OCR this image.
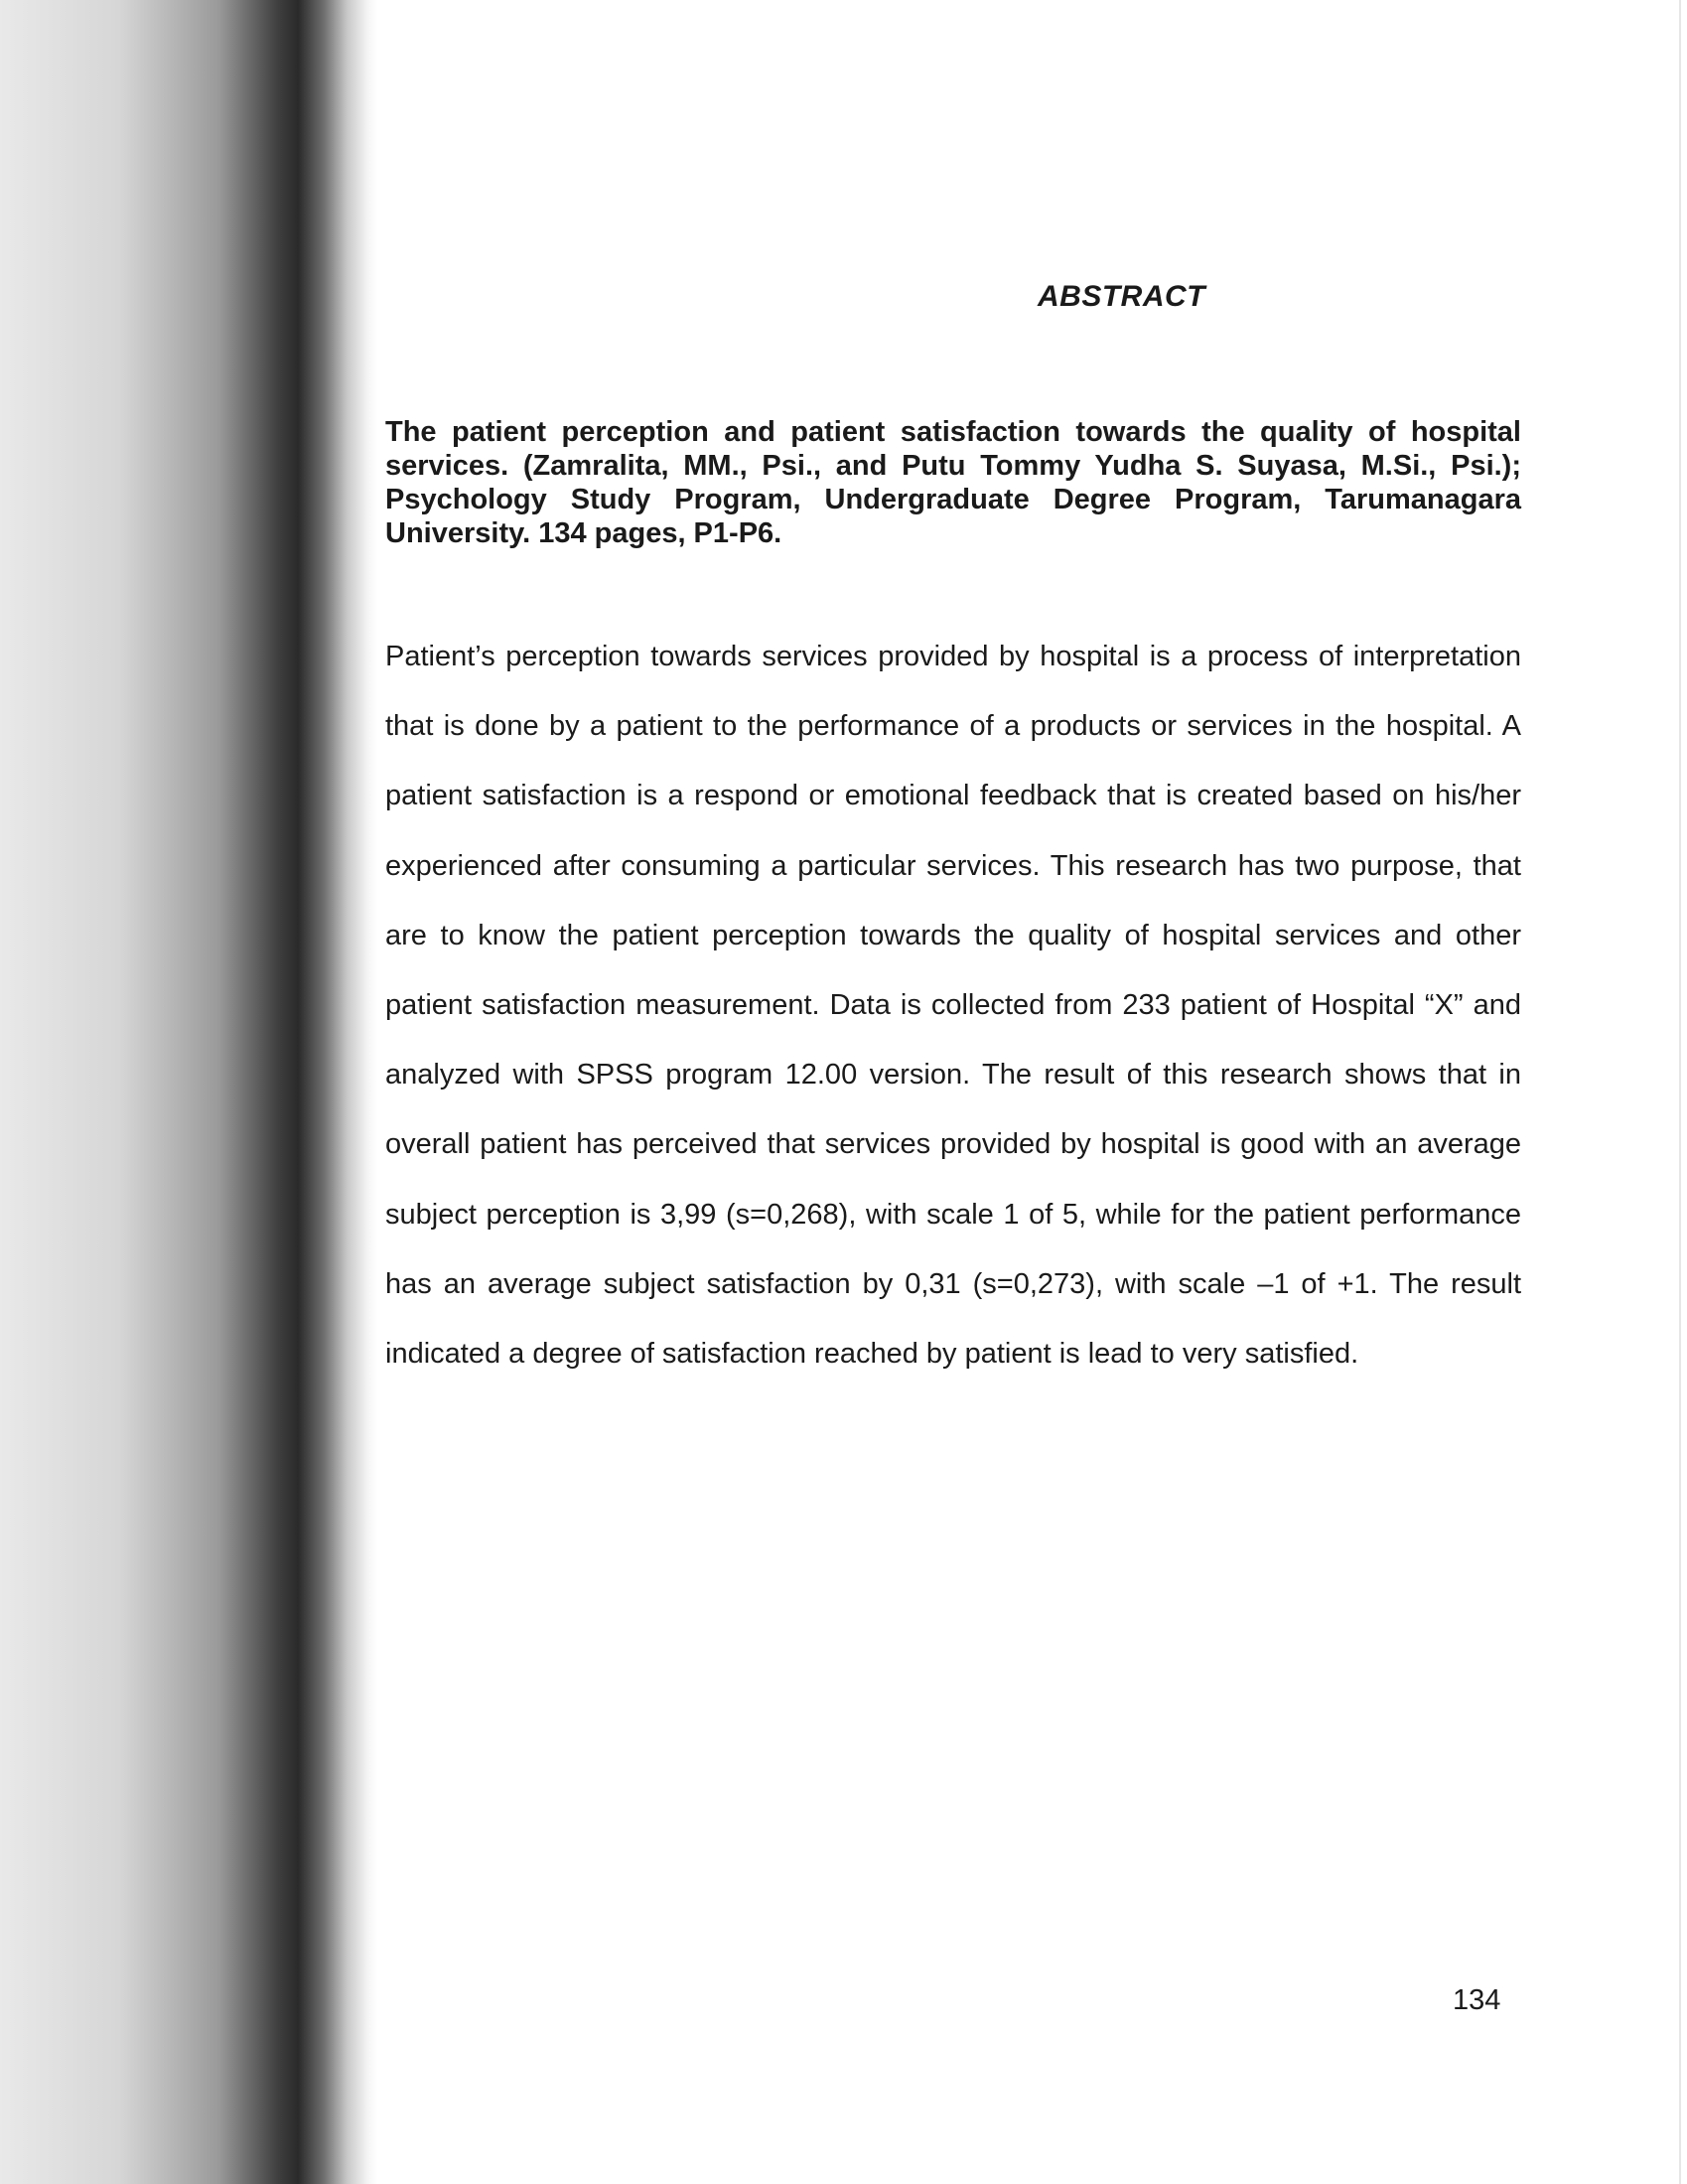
ABSTRACT
The patient perception and patient satisfaction towards the quality of hospital services. (Zamralita, MM., Psi., and Putu Tommy Yudha S. Suyasa, M.Si., Psi.); Psychology Study Program, Undergraduate Degree Program, Tarumanagara University. 134 pages, P1-P6.
Patient’s perception towards services provided by hospital is a process of interpretation that is done by a patient to the performance of a products or services in the hospital. A patient satisfaction is a respond or emotional feedback that is created based on his/her experienced after consuming a particular services. This research has two purpose, that are to know the patient perception towards the quality of hospital services and other patient satisfaction measurement. Data is collected from 233 patient of Hospital “X” and analyzed with SPSS program 12.00 version. The result of this research shows that in overall patient has perceived that services provided by hospital is good with an average subject perception is 3,99 (s=0,268), with scale 1 of 5, while for the patient performance has an average subject satisfaction by 0,31 (s=0,273), with scale –1 of +1. The result indicated a degree of satisfaction reached by patient is lead to very satisfied.
134
